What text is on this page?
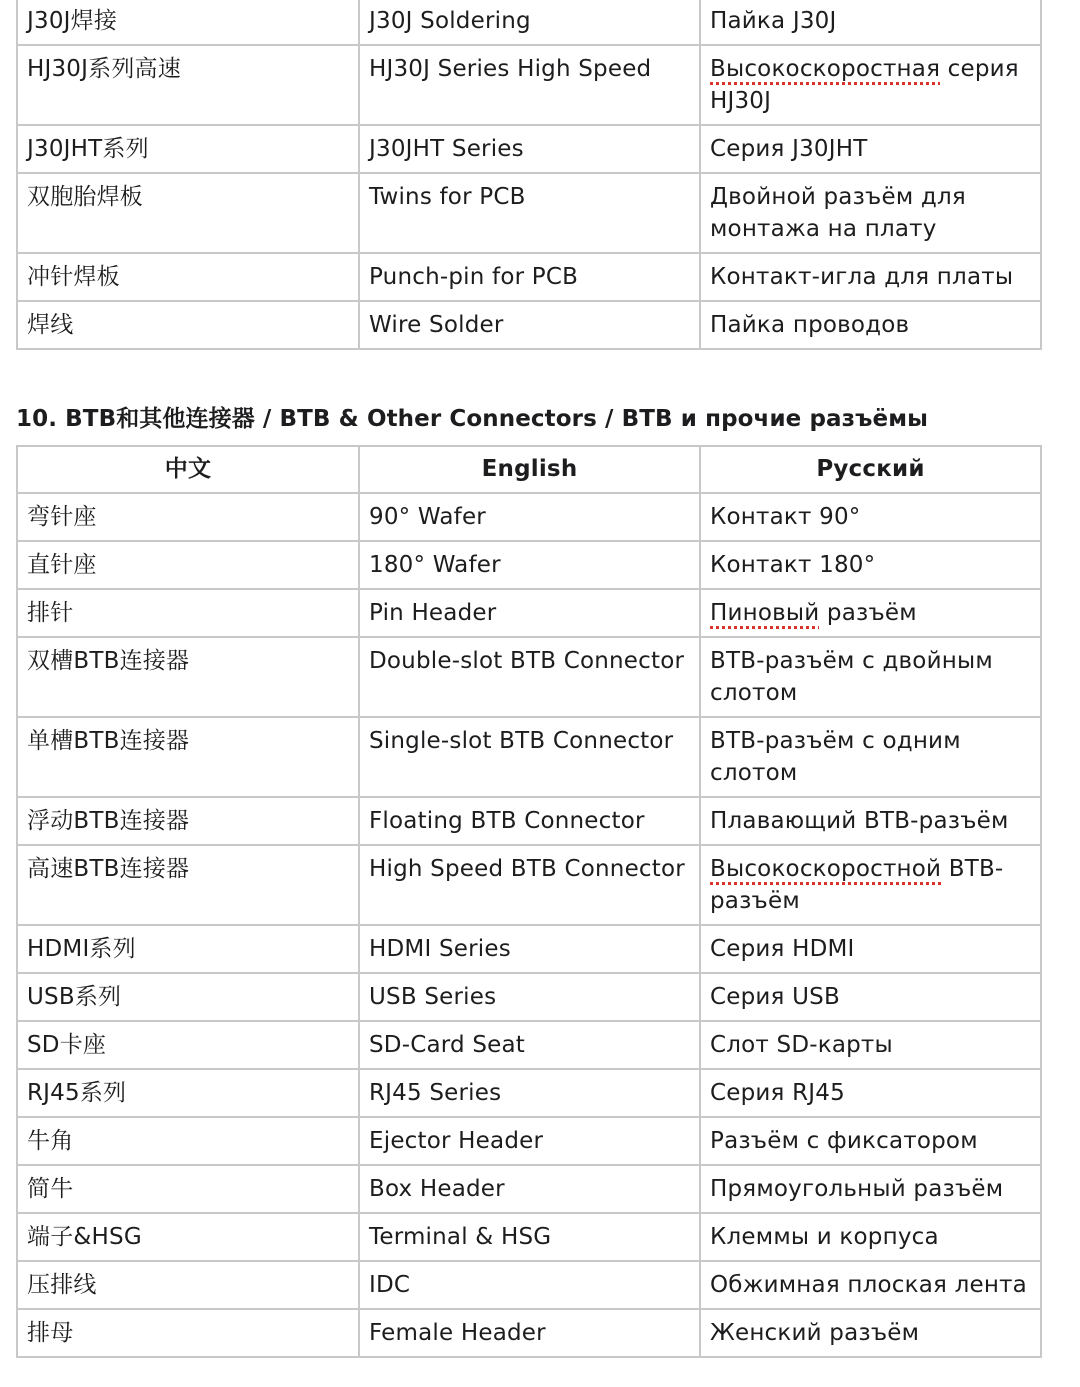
J30J焊接	J30J Soldering	Пайка J30J
HJ30J系列高速	HJ30J Series High Speed	Высокоскоростная серия HJ30J
J30JHT系列	J30JHT Series	Серия J30JHT
双胞胎焊板	Twins for PCB	Двойной разъём для монтажа на плату
冲针焊板	Punch-pin for PCB	Контакт-игла для платы
焊线	Wire Solder	Пайка проводов
10. BTB和其他连接器 / BTB & Other Connectors / BTB и прочие разъёмы
中文	English	Русский
弯针座	90° Wafer	Контакт 90°
直针座	180° Wafer	Контакт 180°
排针	Pin Header	Пиновый разъём
双槽BTB连接器	Double-slot BTB Connector	BTB-разъём с двойным слотом
单槽BTB连接器	Single-slot BTB Connector	BTB-разъём с одним слотом
浮动BTB连接器	Floating BTB Connector	Плавающий BTB-разъём
高速BTB连接器	High Speed BTB Connector	Высокоскоростной BTB-разъём
HDMI系列	HDMI Series	Серия HDMI
USB系列	USB Series	Серия USB
SD卡座	SD-Card Seat	Слот SD-карты
RJ45系列	RJ45 Series	Серия RJ45
牛角	Ejector Header	Разъём с фиксатором
简牛	Box Header	Прямоугольный разъём
端子&HSG	Terminal & HSG	Клеммы и корпуса
压排线	IDC	Обжимная плоская лента
排母	Female Header	Женский разъём
